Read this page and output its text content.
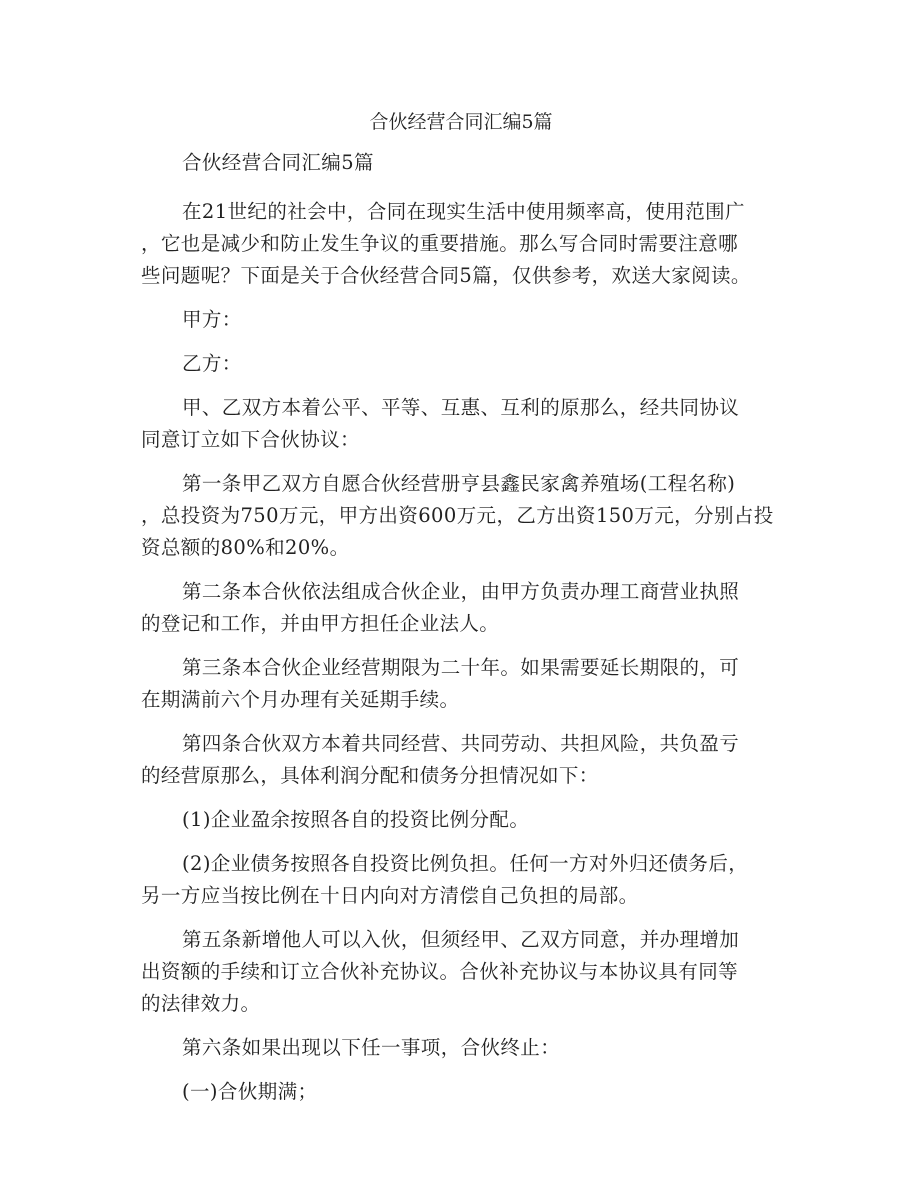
合伙经营合同汇编5篇
合伙经营合同汇编5篇
在21世纪的社会中，合同在现实生活中使用频率高，使用范围广
，它也是减少和防止发生争议的重要措施。那么写合同时需要注意哪
些问题呢？下面是关于合伙经营合同5篇，仅供参考，欢送大家阅读。
甲方：
乙方：
甲、乙双方本着公平、平等、互惠、互利的原那么，经共同协议
同意订立如下合伙协议：
第一条甲乙双方自愿合伙经营册亨县鑫民家禽养殖场(工程名称)
，总投资为750万元，甲方出资600万元，乙方出资150万元，分别占投
资总额的80%和20%。
第二条本合伙依法组成合伙企业，由甲方负责办理工商营业执照
的登记和工作，并由甲方担任企业法人。
第三条本合伙企业经营期限为二十年。如果需要延长期限的，可
在期满前六个月办理有关延期手续。
第四条合伙双方本着共同经营、共同劳动、共担风险，共负盈亏
的经营原那么，具体利润分配和债务分担情况如下：
(1)企业盈余按照各自的投资比例分配。
(2)企业债务按照各自投资比例负担。任何一方对外归还债务后，
另一方应当按比例在十日内向对方清偿自己负担的局部。
第五条新增他人可以入伙，但须经甲、乙双方同意，并办理增加
出资额的手续和订立合伙补充协议。合伙补充协议与本协议具有同等
的法律效力。
第六条如果出现以下任一事项，合伙终止：
(一)合伙期满；
